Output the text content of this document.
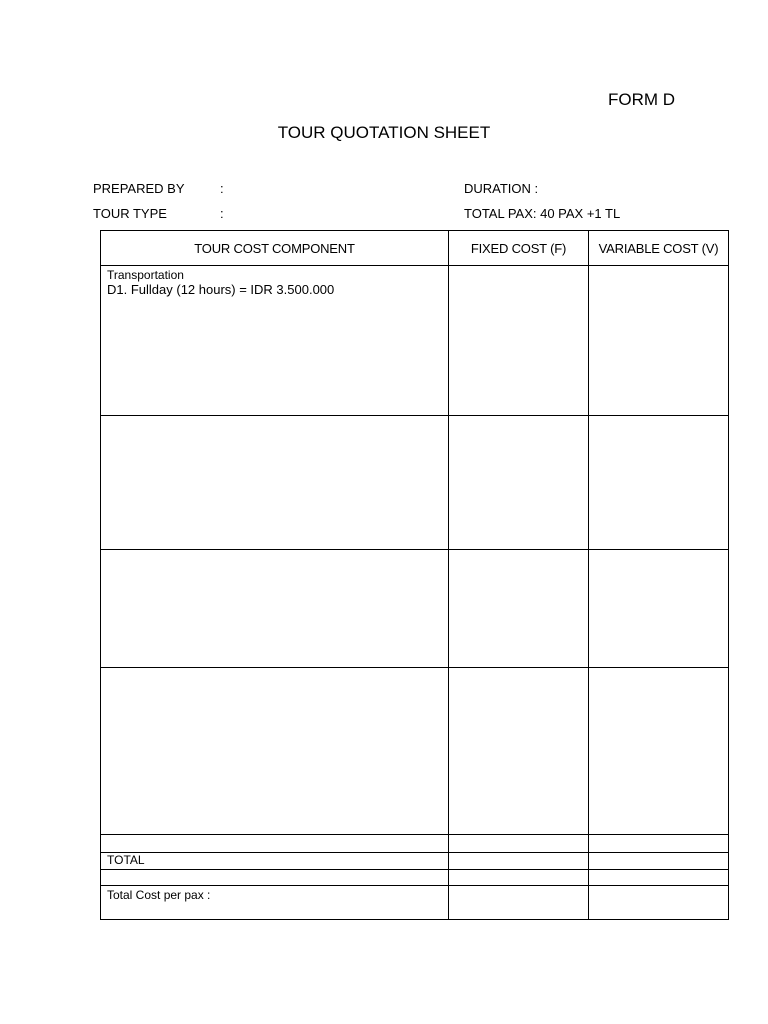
FORM D
TOUR QUOTATION SHEET
PREPARED BY	:
TOUR TYPE	:
DURATION :
TOTAL PAX: 40 PAX +1 TL
TOUR COST COMPONENT	FIXED COST (F)	VARIABLE COST (V)

Transportation
D1. Fullday (12 hours) = IDR 3.500.000		

TOTAL		

Total Cost per pax :		
